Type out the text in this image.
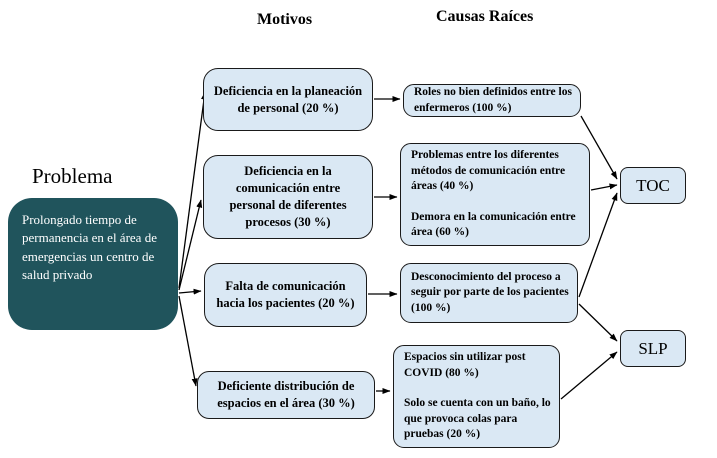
Problema
Motivos	Causas Raíces
Prolongado tiempo de permanencia en el área de emergencias un centro de salud privado
Deficiencia en la planeación de personal (20 %)
Deficiencia en la comunicación entre personal de diferentes procesos (30 %)
Falta de comunicación hacia los pacientes (20 %)
Deficiente distribución de espacios en el área (30 %)

Roles no bien definidos entre los enfermeros (100 %)

Problemas entre los diferentes métodos de comunicación entre áreas (40 %)

Demora en la comunicación entre área (60 %)

Desconocimiento del proceso a seguir por parte de los pacientes (100 %)

Espacios sin utilizar post COVID (80 %)

Solo se cuenta con un baño, lo que provoca colas para pruebas (20 %)

TOC
SLP
